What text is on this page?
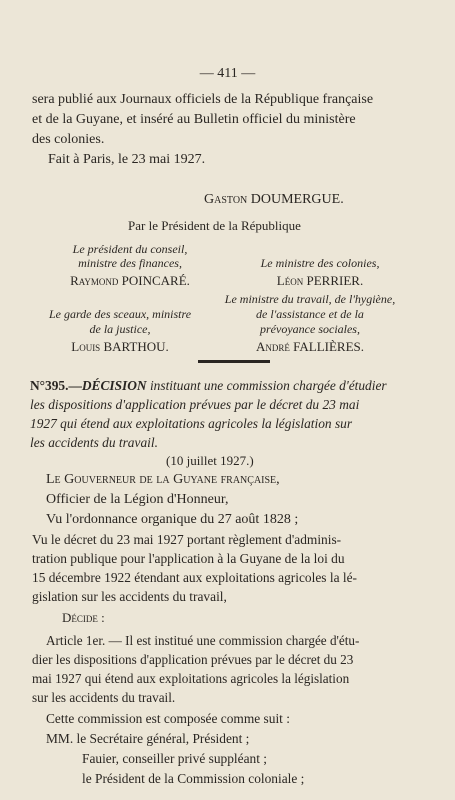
— 411 —
sera publié aux Journaux officiels de la République française
et de la Guyane, et inséré au Bulletin officiel du ministère
des colonies.
Fait à Paris, le 23 mai 1927.
Gaston DOUMERGUE.
Par le Président de la République
Le président du conseil,
ministre des finances,
Raymond POINCARÉ.
Le ministre des colonies,
Léon PERRIER.
Le garde des sceaux, ministre
de la justice,
Louis BARTHOU.
Le ministre du travail, de l'hygiène,
de l'assistance et de la
prévoyance sociales,
André FALLIÈRES.
N°395.—DÉCISION instituant une commission chargée d'étudier
les dispositions d'application prévues par le décret du 23 mai
1927 qui étend aux exploitations agricoles la législation sur
les accidents du travail.
(10 juillet 1927.)
Le Gouverneur de la Guyane française,
Officier de la Légion d'Honneur,
Vu l'ordonnance organique du 27 août 1828 ;
Vu le décret du 23 mai 1927 portant règlement d'adminis-
tration publique pour l'application à la Guyane de la loi du
15 décembre 1922 étendant aux exploitations agricoles la lé-
gislation sur les accidents du travail,
Décide :
Article 1er. — Il est institué une commission chargée d'étu-
dier les dispositions d'application prévues par le décret du 23
mai 1927 qui étend aux exploitations agricoles la législation
sur les accidents du travail.
Cette commission est composée comme suit :
MM. le Secrétaire général, Président ;
Fauier, conseiller privé suppléant ;
le Président de la Commission coloniale ;
